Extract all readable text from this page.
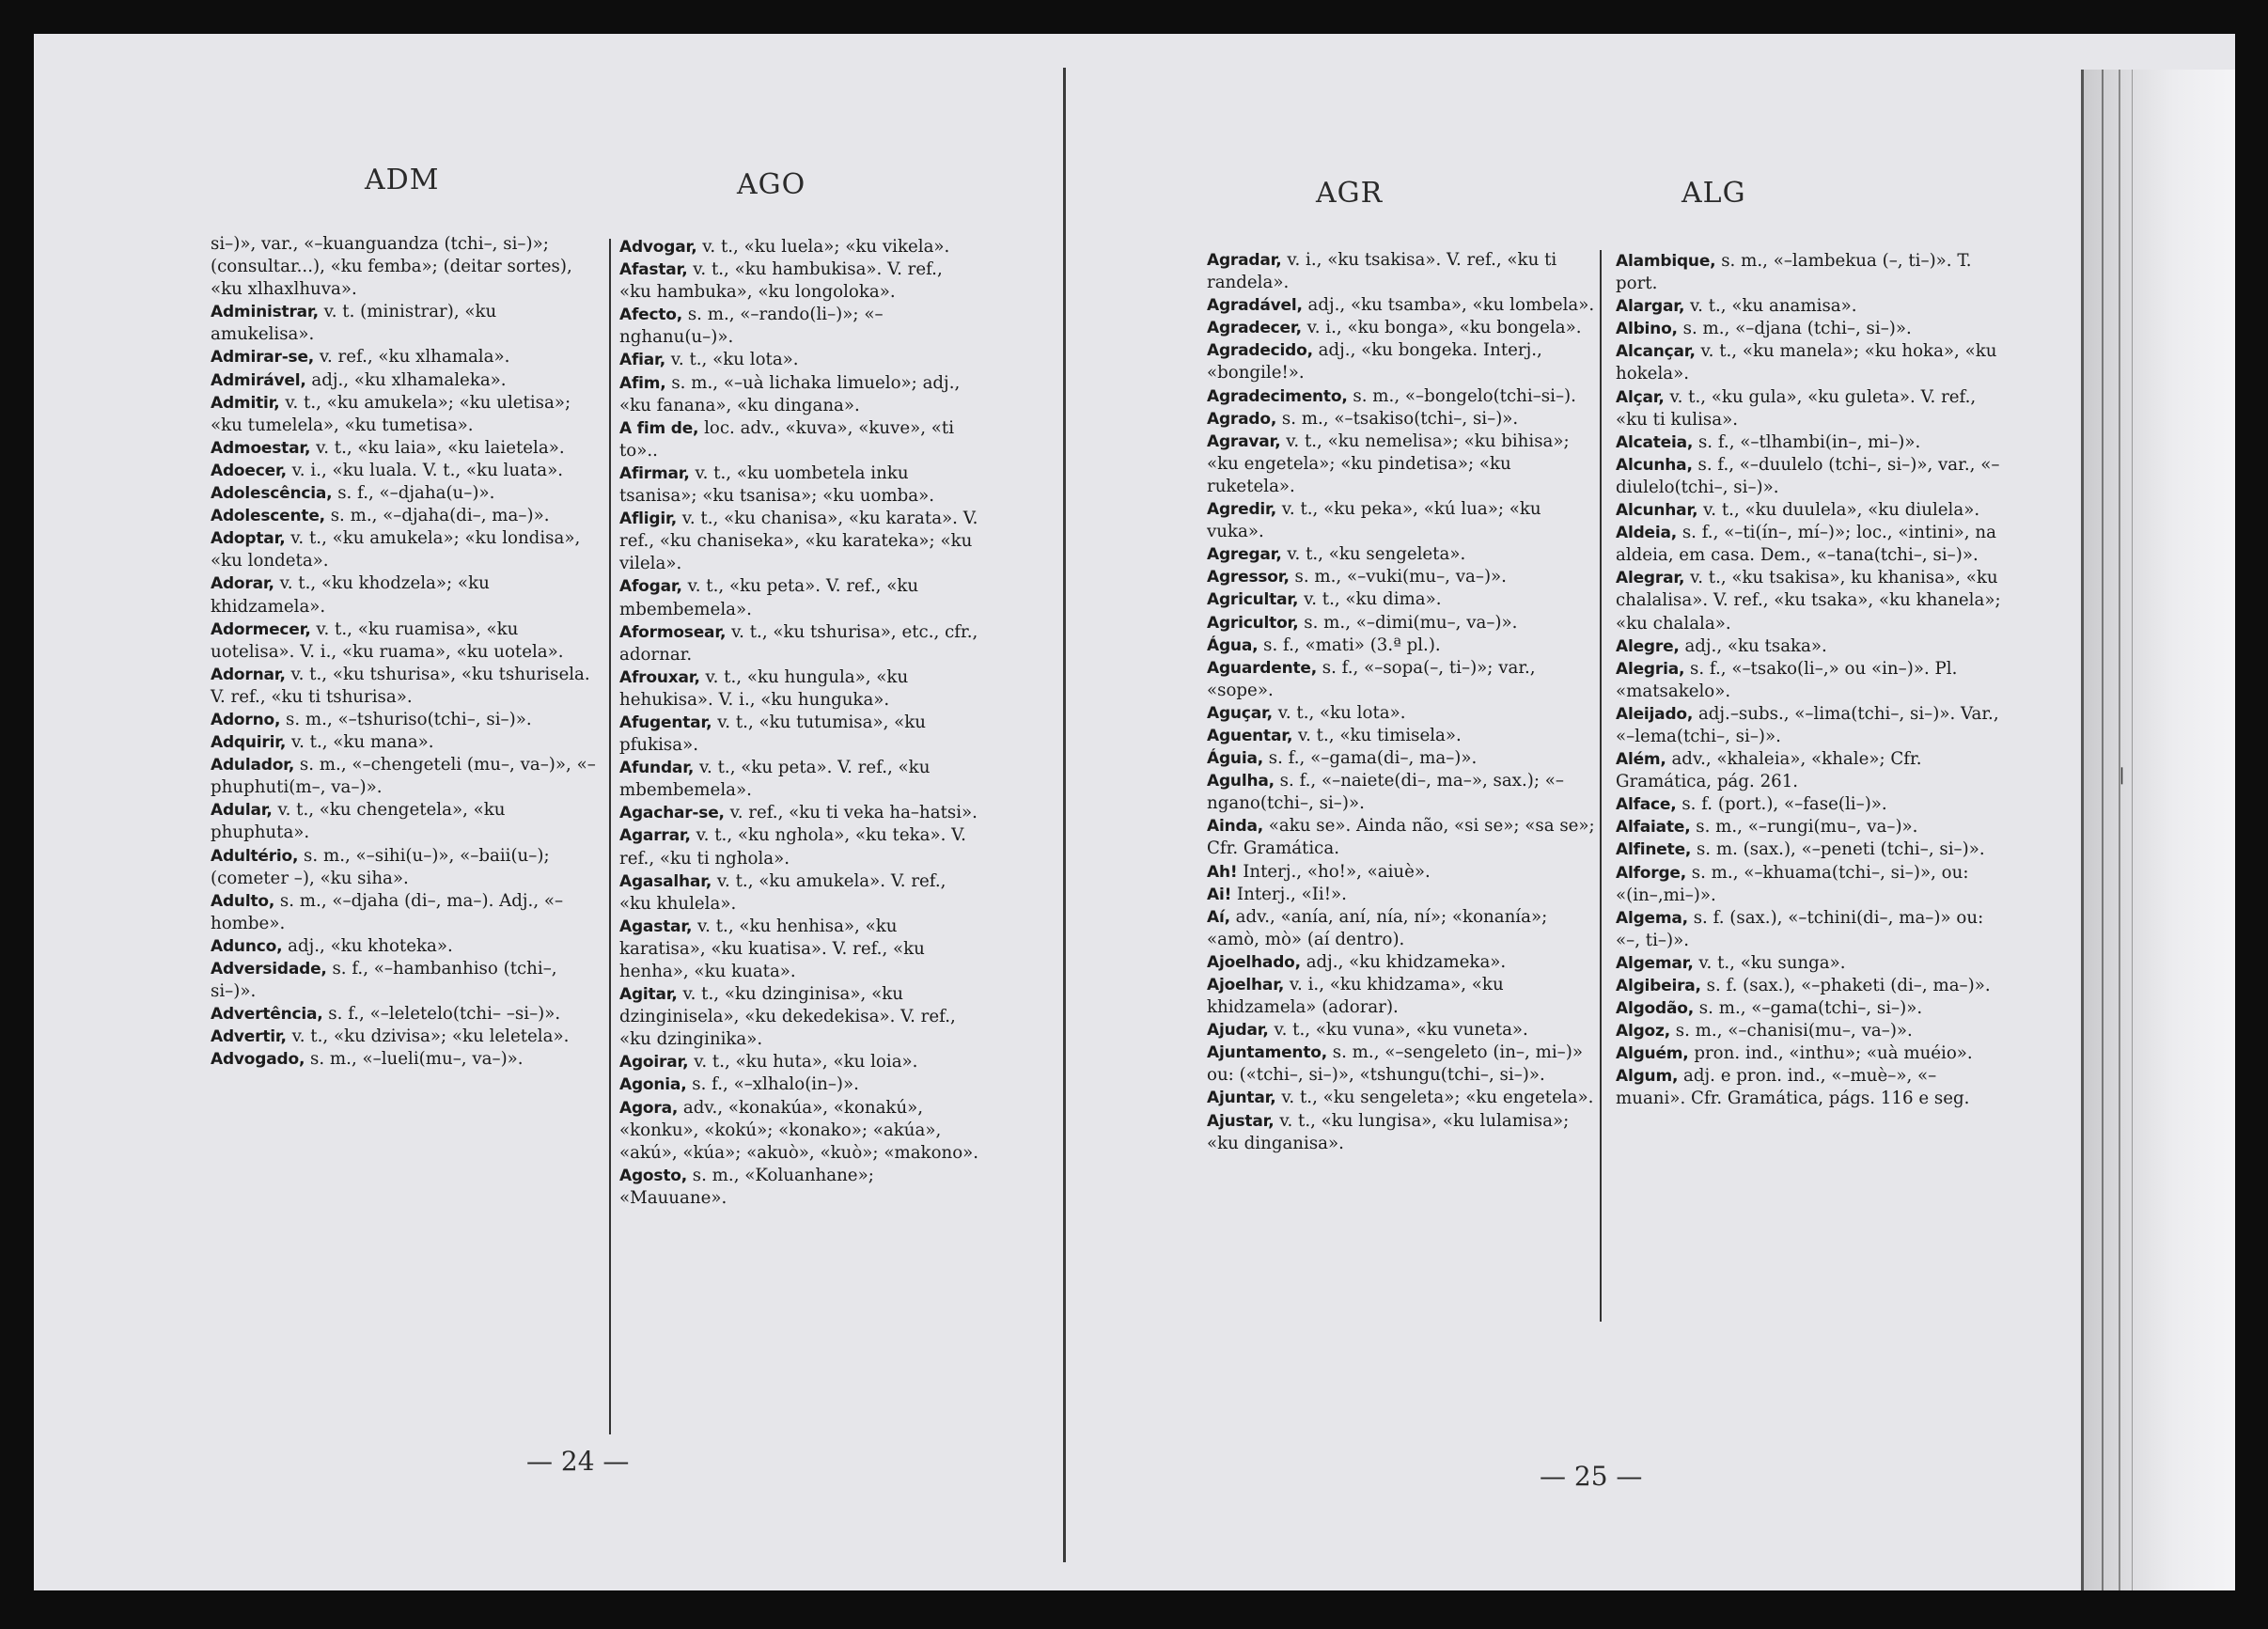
ADM	AGO

si–)», var., «–kuanguandza (tchi–, si–)»; (consultar...), «ku femba»; (deitar sortes), «ku xlhaxlhuva».

Administrar, v. t. (ministrar), «ku amukelisa».

Admirar-se, v. ref., «ku xlhamala».

Admirável, adj., «ku xlhamaleka».

Admitir, v. t., «ku amukela»; «ku uletisa»; «ku tumelela», «ku tumetisa».

Admoestar, v. t., «ku laia», «ku laietela».

Adoecer, v. i., «ku luala. V. t., «ku luata».

Adolescência, s. f., «–djaha(u–)».

Adolescente, s. m., «–djaha(di–, ma–)».

Adoptar, v. t., «ku amukela»; «ku londisa», «ku londeta».

Adorar, v. t., «ku khodzela»; «ku khidzamela».

Adormecer, v. t., «ku ruamisa», «ku uotelisa». V. i., «ku ruama», «ku uotela».

Adornar, v. t., «ku tshurisa», «ku tshurisela. V. ref., «ku ti tshurisa».

Adorno, s. m., «–tshuriso(tchi–, si–)».

Adquirir, v. t., «ku mana».

Adulador, s. m., «–chengeteli (mu–, va–)», «–phuphuti(m–, va–)».

Adular, v. t., «ku chengetela», «ku phuphuta».

Adultério, s. m., «–sihi(u–)», «–baii(u–); (cometer –), «ku siha».

Adulto, s. m., «–djaha (di–, ma–). Adj., «–hombe».

Adunco, adj., «ku khoteka».

Adversidade, s. f., «–hambanhiso (tchi–, si–)».

Advertência, s. f., «–leletelo(tchi– –si–)».

Advertir, v. t., «ku dzivisa»; «ku leletela».

Advogado, s. m., «–lueli(mu–, va–)».

Advogar, v. t., «ku luela»; «ku vikela».

Afastar, v. t., «ku hambukisa». V. ref., «ku hambuka», «ku longoloka».

Afecto, s. m., «–rando(li–)»; «–nghanu(u–)».

Afiar, v. t., «ku lota».

Afim, s. m., «–uà lichaka limuelo»; adj., «ku fanana», «ku dingana».

A fim de, loc. adv., «kuva», «kuve», «ti to»..

Afirmar, v. t., «ku uombetela inku tsanisa»; «ku tsanisa»; «ku uomba».

Afligir, v. t., «ku chanisa», «ku karata». V. ref., «ku chaniseka», «ku karateka»; «ku vilela».

Afogar, v. t., «ku peta». V. ref., «ku mbembemela».

Aformosear, v. t., «ku tshurisa», etc., cfr., adornar.

Afrouxar, v. t., «ku hungula», «ku hehukisa». V. i., «ku hunguka».

Afugentar, v. t., «ku tutumisa», «ku pfukisa».

Afundar, v. t., «ku peta». V. ref., «ku mbembemela».

Agachar-se, v. ref., «ku ti veka ha–hatsi».

Agarrar, v. t., «ku nghola», «ku teka». V. ref., «ku ti nghola».

Agasalhar, v. t., «ku amukela». V. ref., «ku khulela».

Agastar, v. t., «ku henhisa», «ku karatisa», «ku kuatisa». V. ref., «ku henha», «ku kuata».

Agitar, v. t., «ku dzinginisa», «ku dzinginisela», «ku dekedekisa». V. ref., «ku dzinginika».

Agoirar, v. t., «ku huta», «ku loia».

Agonia, s. f., «–xlhalo(in–)».

Agora, adv., «konakúa», «konakú», «konku», «kokú»; «konako»; «akúa», «akú», «kúa»; «akuò», «kuò»; «makono».

Agosto, s. m., «Koluanhane»; «Mauuane».

— 24 —
AGR	ALG

Agradar, v. i., «ku tsakisa». V. ref., «ku ti randela».

Agradável, adj., «ku tsamba», «ku lombela».

Agradecer, v. i., «ku bonga», «ku bongela».

Agradecido, adj., «ku bongeka. Interj., «bongile!».

Agradecimento, s. m., «–bongelo(tchi–si–).

Agrado, s. m., «–tsakiso(tchi–, si–)».

Agravar, v. t., «ku nemelisa»; «ku bihisa»; «ku engetela»; «ku pindetisa»; «ku ruketela».

Agredir, v. t., «ku peka», «kú lua»; «ku vuka».

Agregar, v. t., «ku sengeleta».

Agressor, s. m., «–vuki(mu–, va–)».

Agricultar, v. t., «ku dima».

Agricultor, s. m., «–dimi(mu–, va–)».

Água, s. f., «mati» (3.ª pl.).

Aguardente, s. f., «–sopa(–, ti–)»; var., «sope».

Aguçar, v. t., «ku lota».

Aguentar, v. t., «ku timisela».

Águia, s. f., «–gama(di–, ma–)».

Agulha, s. f., «–naiete(di–, ma–», sax.); «–ngano(tchi–, si–)».

Ainda, «aku se». Ainda não, «si se»; «sa se»; Cfr. Gramática.

Ah! Interj., «ho!», «aiuè».

Ai! Interj., «Ii!».

Aí, adv., «anía, aní, nía, ní»; «konanía»; «amò, mò» (aí dentro).

Ajoelhado, adj., «ku khidzameka».

Ajoelhar, v. i., «ku khidzama», «ku khidzamela» (adorar).

Ajudar, v. t., «ku vuna», «ku vuneta».

Ajuntamento, s. m., «–sengeleto (in–, mi–)» ou: («tchi–, si–)», «tshungu(tchi–, si–)».

Ajuntar, v. t., «ku sengeleta»; «ku engetela».

Ajustar, v. t., «ku lungisa», «ku lulamisa»; «ku dinganisa».

Alambique, s. m., «–lambekua (–, ti–)». T. port.

Alargar, v. t., «ku anamisa».

Albino, s. m., «–djana (tchi–, si–)».

Alcançar, v. t., «ku manela»; «ku hoka», «ku hokela».

Alçar, v. t., «ku gula», «ku guleta». V. ref., «ku ti kulisa».

Alcateia, s. f., «–tlhambi(in–, mi–)».

Alcunha, s. f., «–duulelo (tchi–, si–)», var., «–diulelo(tchi–, si–)».

Alcunhar, v. t., «ku duulela», «ku diulela».

Aldeia, s. f., «–ti(ín–, mí–)»; loc., «intini», na aldeia, em casa. Dem., «–tana(tchi–, si–)».

Alegrar, v. t., «ku tsakisa», ku khanisa», «ku chalalisa». V. ref., «ku tsaka», «ku khanela»; «ku chalala».

Alegre, adj., «ku tsaka».

Alegria, s. f., «–tsako(li–,» ou «in–)». Pl. «matsakelo».

Aleijado, adj.–subs., «–lima(tchi–, si–)». Var., «–lema(tchi–, si–)».

Além, adv., «khaleia», «khale»; Cfr. Gramática, pág. 261.

Alface, s. f. (port.), «–fase(li–)».

Alfaiate, s. m., «–rungi(mu–, va–)».

Alfinete, s. m. (sax.), «–peneti (tchi–, si–)».

Alforge, s. m., «–khuama(tchi–, si–)», ou: «(in–,mi–)».

Algema, s. f. (sax.), «–tchini(di–, ma–)» ou: «–, ti–)».

Algemar, v. t., «ku sunga».

Algibeira, s. f. (sax.), «–phaketi (di–, ma–)».

Algodão, s. m., «–gama(tchi–, si–)».

Algoz, s. m., «–chanisi(mu–, va–)».

Alguém, pron. ind., «inthu»; «uà muéio».

Algum, adj. e pron. ind., «–muè–», «–muani». Cfr. Gramática, págs. 116 e seg.

— 25 —
❘
